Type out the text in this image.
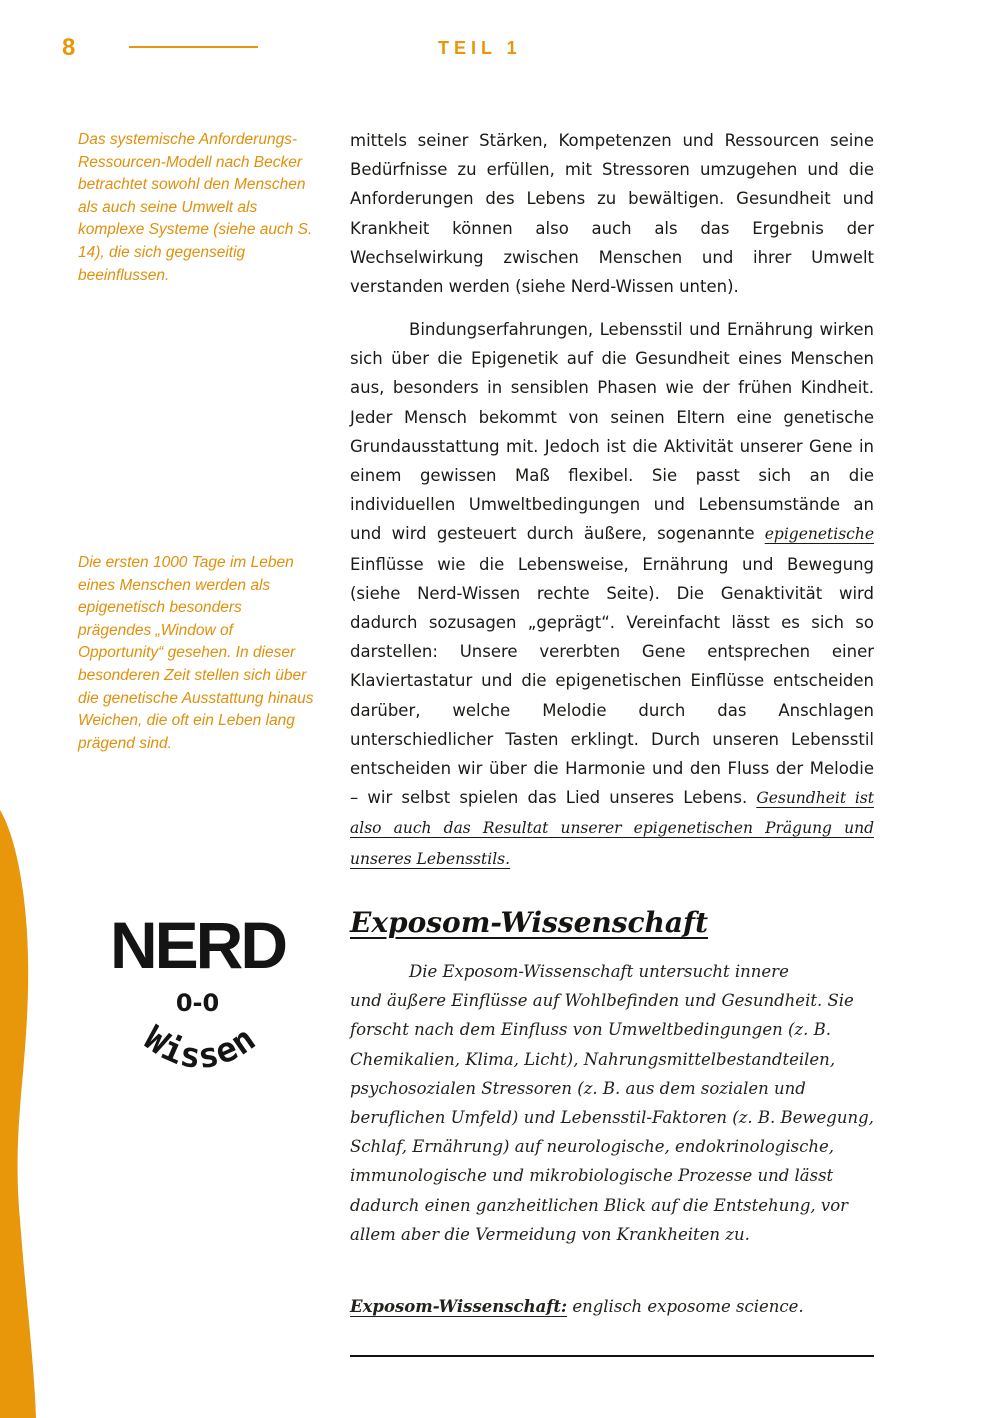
8	TEIL 1
Das systemische Anforderungs-Ressourcen-Modell nach Becker betrachtet sowohl den Menschen als auch seine Umwelt als komplexe Systeme (siehe auch S. 14), die sich gegenseitig beeinflussen.
Die ersten 1000 Tage im Leben eines Menschen werden als epigenetisch besonders prägendes „Window of Opportunity“ gesehen. In dieser besonderen Zeit stellen sich über die genetische Ausstattung hinaus Weichen, die oft ein Leben lang prägend sind.

mittels seiner Stärken, Kompetenzen und Ressourcen seine Bedürfnisse zu erfüllen, mit Stressoren umzugehen und die Anforderungen des Lebens zu bewältigen. Gesundheit und Krankheit können also auch als das Ergebnis der Wechselwirkung zwischen Menschen und ihrer Umwelt verstanden werden (siehe Nerd-Wissen unten).

Bindungserfahrungen, Lebensstil und Ernährung wirken sich über die Epigenetik auf die Gesundheit eines Menschen aus, besonders in sensiblen Phasen wie der frühen Kindheit. Jeder Mensch bekommt von seinen Eltern eine genetische Grundausstattung mit. Jedoch ist die Aktivität unserer Gene in einem gewissen Maß flexibel. Sie passt sich an die individuellen Umweltbedingungen und Lebensumstände an und wird gesteuert durch äußere, sogenannte epigenetische Einflüsse wie die Lebensweise, Ernährung und Bewegung (siehe Nerd-Wissen rechte Seite). Die Genaktivität wird dadurch sozusagen „geprägt“. Vereinfacht lässt es sich so darstellen: Unsere vererbten Gene entsprechen einer Klaviertastatur und die epigenetischen Einflüsse entscheiden darüber, welche Melodie durch das Anschlagen unterschiedlicher Tasten erklingt. Durch unseren Lebensstil entscheiden wir über die Harmonie und den Fluss der Melodie – wir selbst spielen das Lied unseres Lebens. Gesundheit ist also auch das Resultat unserer epigenetischen Prägung und unseres Lebensstils.

NERD
0-0
Wissen
Exposom-Wissenschaft

Die Exposom-Wissenschaft untersucht innere
und äußere Einflüsse auf Wohlbefinden und Gesundheit. Sie forscht nach dem Einfluss von Umweltbedingungen (z. B. Chemikalien, Klima, Licht), Nahrungsmittelbestandteilen, psychosozialen Stressoren (z. B. aus dem sozialen und beruflichen Umfeld) und Lebensstil-Faktoren (z. B. Bewegung, Schlaf, Ernährung) auf neurologische, endokrinologische, immunologische und mikrobiologische Prozesse und lässt dadurch einen ganzheitlichen Blick auf die Entstehung, vor allem aber die Vermeidung von Krankheiten zu.

Exposom-Wissenschaft: englisch exposome science.
